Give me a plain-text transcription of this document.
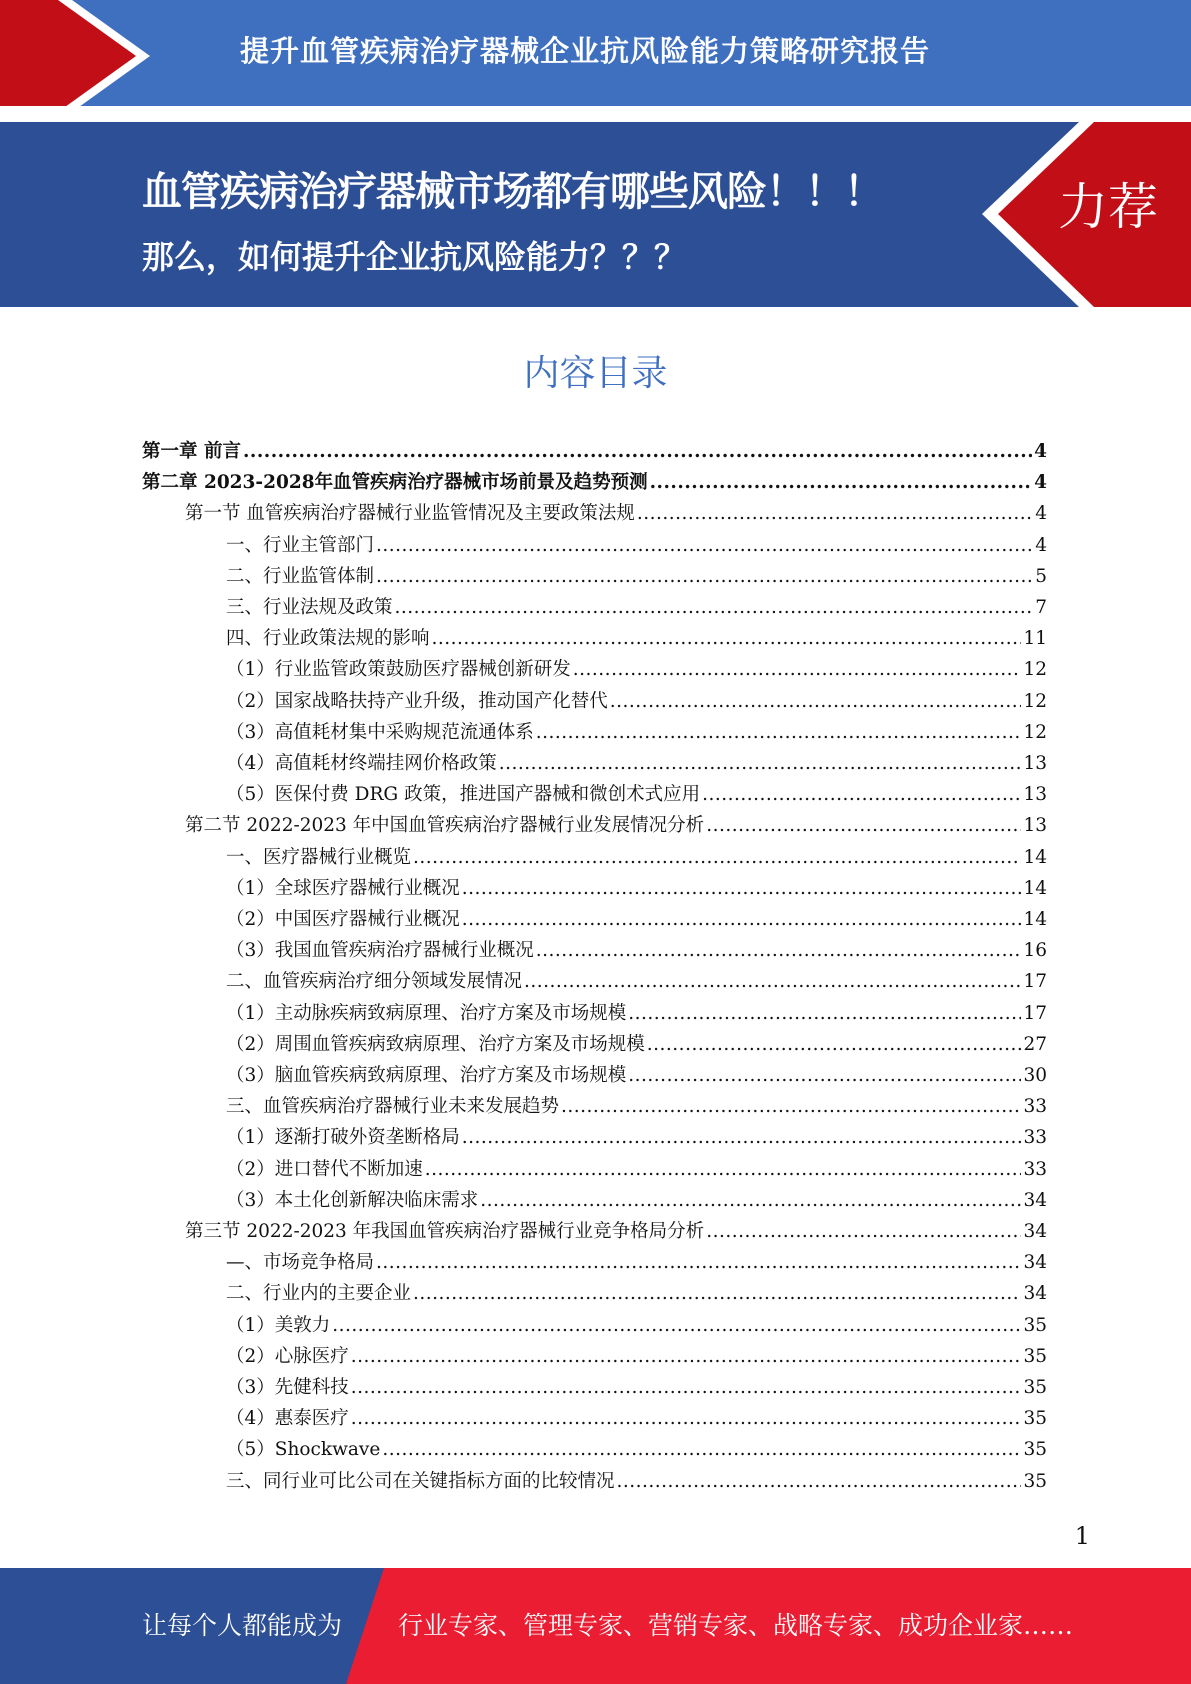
提升血管疾病治疗器械企业抗风险能力策略研究报告
血管疾病治疗器械市场都有哪些风险！！！
那么，如何提升企业抗风险能力？？？
力荐
内容目录
第一章 前言 .....	4
第二章 2023-2028年血管疾病治疗器械市场前景及趋势预测 .....	4
第一节 血管疾病治疗器械行业监管情况及主要政策法规 .....	4
一、行业主管部门 .....	4
二、行业监管体制 .....	5
三、行业法规及政策 .....	7
四、行业政策法规的影响 .....	11
（1）行业监管政策鼓励医疗器械创新研发 .....	12
（2）国家战略扶持产业升级，推动国产化替代 .....	12
（3）高值耗材集中采购规范流通体系 .....	12
（4）高值耗材终端挂网价格政策 .....	13
（5）医保付费 DRG 政策，推进国产器械和微创术式应用 .....	13
第二节 2022-2023 年中国血管疾病治疗器械行业发展情况分析 .....	13
一、医疗器械行业概览 .....	14
（1）全球医疗器械行业概况 .....	14
（2）中国医疗器械行业概况 .....	14
（3）我国血管疾病治疗器械行业概况 .....	16
二、血管疾病治疗细分领域发展情况 .....	17
（1）主动脉疾病致病原理、治疗方案及市场规模 .....	17
（2）周围血管疾病致病原理、治疗方案及市场规模 .....	27
（3）脑血管疾病致病原理、治疗方案及市场规模 .....	30
三、血管疾病治疗器械行业未来发展趋势 .....	33
（1）逐渐打破外资垄断格局 .....	33
（2）进口替代不断加速 .....	33
（3）本土化创新解决临床需求 .....	34
第三节 2022-2023 年我国血管疾病治疗器械行业竞争格局分析 .....	34
—、市场竞争格局 .....	34
二、行业内的主要企业 .....	34
（1）美敦力 .....	35
（2）心脉医疗 .....	35
（3）先健科技 .....	35
（4）惠泰医疗 .....	35
（5）Shockwave .....	35
三、同行业可比公司在关键指标方面的比较情况 .....	35
1
让每个人都能成为 行业专家、管理专家、营销专家、战略专家、成功企业家……
